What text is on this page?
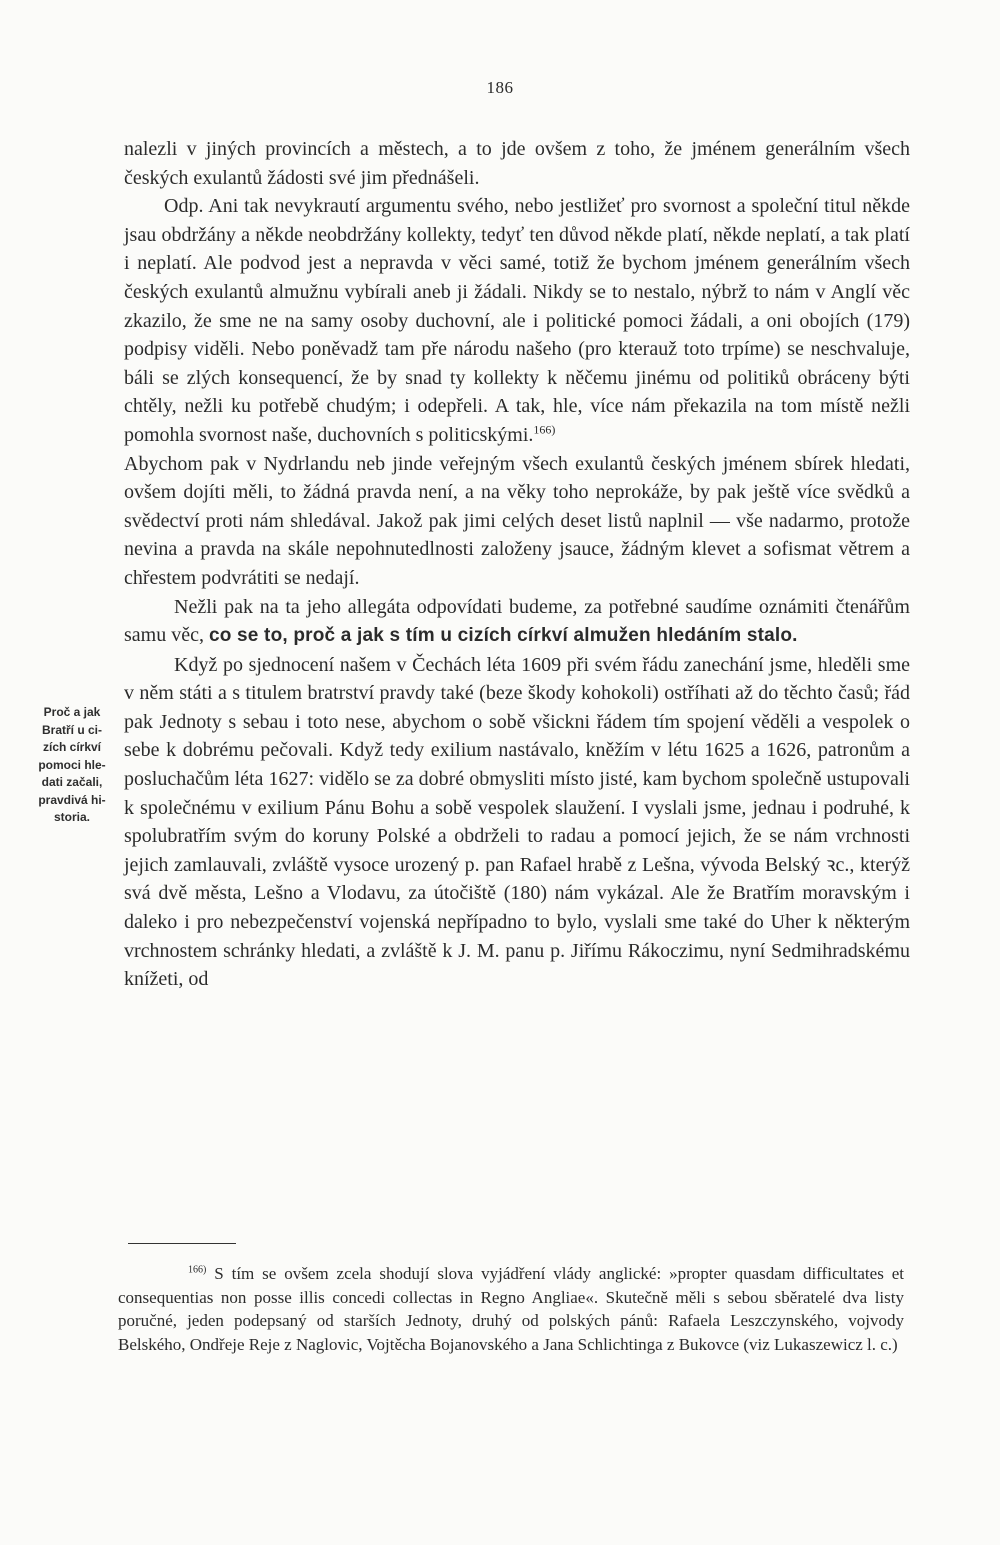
186

nalezli v jiných provincích a městech, a to jde ovšem z toho, že jménem generálním všech českých exulantů žádosti své jim přednášeli.

Odp. Ani tak nevykrautí argumentu svého, nebo jestližeť pro svornost a společní titul někde jsau obdržány a někde neobdržány kollekty, tedyť ten důvod někde platí, někde neplatí, a tak platí i neplatí. Ale podvod jest a nepravda v věci samé, totiž že bychom jménem generálním všech českých exulantů almužnu vybírali aneb ji žádali. Nikdy se to nestalo, nýbrž to nám v Anglí věc zkazilo, že sme ne na samy osoby duchovní, ale i politické pomoci žádali, a oni obojích (179) podpisy viděli. Nebo poněvadž tam pře národu našeho (pro kterauž toto trpíme) se neschvaluje, báli se zlých konsequencí, že by snad ty kollekty k něčemu jinému od politiků obráceny býti chtěly, nežli ku potřebě chudým; i odepřeli. A tak, hle, více nám překazila na tom místě nežli pomohla svornost naše, duchovních s politicskými.$^{166)}$

Abychom pak v Nydrlandu neb jinde veřejným všech exulantů českých jménem sbírek hledati, ovšem dojíti měli, to žádná pravda není, a na věky toho neprokáže, by pak ještě více svědků a svědectví proti nám shledával. Jakož pak jimi celých deset listů naplnil — vše nadarmo, protože nevina a pravda na skále nepohnutedlnosti založeny jsauce, žádným klevet a sofismat větrem a chřestem podvrátiti se nedají.

Nežli pak na ta jeho allegáta odpovídati budeme, za potřebné saudíme oznámiti čtenářům samu věc, co se to, proč a jak s tím u cizích církví almužen hledáním stalo.

Když po sjednocení našem v Čechách léta 1609 při svém řádu zanechání jsme, hleděli sme v něm státi a s titulem bratrství pravdy také (beze škody kohokoli) ostříhati až do těchto časů; řád pak Jednoty s sebau i toto nese, abychom o sobě všickni řádem tím spojení věděli a vespolek o sebe k dobrému pečovali. Když tedy exilium nastávalo, kněžím v létu 1625 a 1626, patronům a posluchačům léta 1627: vidělo se za dobré obmysliti místo jisté, kam bychom společně ustupovali k společnému v exilium Pánu Bohu a sobě vespolek slaužení. I vyslali jsme, jednau i podruhé, k spolubratřím svým do koruny Polské a obdrželi to radau a pomocí jejich, že se nám vrchnosti jejich zamlauvali, zvláště vysoce urozený p. pan Rafael hrabě z Lešna, vývoda Belský ꝛc., kterýž svá dvě města, Lešno a Vlodavu, za útočiště (180) nám vykázal. Ale že Bratřím moravským i daleko i pro nebezpečenství vojenská nepřípadno to bylo, vyslali sme také do Uher k některým vrchnostem schránky hledati, a zvláště k J. M. panu p. Jiřímu Rákoczimu, nyní Sedmihradskému knížeti, od

Proč a jak
Bratří u ci-
zích církví
pomoci hle-
dati začali,
pravdivá hi-
storia.

$^{166)}$ S tím se ovšem zcela shodují slova vyjádření vlády anglické: »propter quasdam difficultates et consequentias non posse illis concedi collectas in Regno Angliae«. Skutečně měli s sebou sběratelé dva listy poručné, jeden podepsaný od starších Jednoty, druhý od polských pánů: Rafaela Leszczynského, vojvody Belského, Ondřeje Reje z Naglovic, Vojtěcha Bojanovského a Jana Schlichtinga z Bukovce (viz Lukaszewicz l. c.)
